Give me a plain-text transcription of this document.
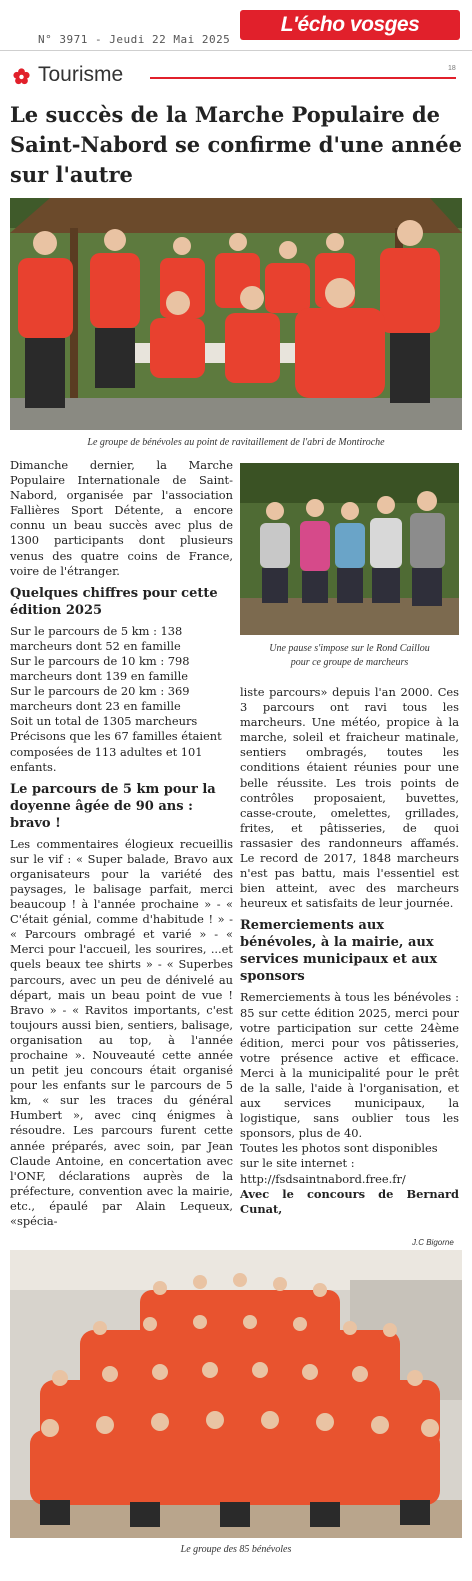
N° 3971 - Jeudi 22 Mai 2025
L'écho vosges
Tourisme	18
Le succès de la Marche Populaire de Saint-Nabord se confirme d'une année sur l'autre
Le groupe de bénévoles au point de ravitaillement de l'abri de Montiroche

Dimanche dernier, la Marche Populaire Internationale de Saint-Nabord, organisée par l'association Fallières Sport Détente, a encore connu un beau succès avec plus de 1300 participants dont plusieurs venus des quatre coins de France, voire de l'étranger.

Quelques chiffres pour cette édition 2025

Sur le parcours de 5 km : 138 marcheurs dont 52 en famille
Sur le parcours de 10 km : 798 marcheurs dont 139 en famille
Sur le parcours de 20 km : 369 marcheurs dont 23 en famille
Soit un total de 1305 marcheurs
Précisons que les 67 familles étaient composées de 113 adultes et 101 enfants.

Le parcours de 5 km pour la doyenne âgée de 90 ans : bravo !

Les commentaires élogieux recueillis sur le vif : « Super balade, Bravo aux organisateurs pour la variété des paysages, le balisage parfait, merci beaucoup ! à l'année prochaine » - « C'était génial, comme d'habitude ! » - « Parcours ombragé et varié » - « Merci pour l'accueil, les sourires, ...et quels beaux tee shirts » - « Superbes parcours, avec un peu de dénivelé au départ, mais un beau point de vue ! Bravo » - « Ravitos importants, c'est toujours aussi bien, sentiers, balisage, organisation au top, à l'année prochaine ». Nouveauté cette année un petit jeu concours était organisé pour les enfants sur le parcours de 5 km, « sur les traces du général Humbert », avec cinq énigmes à résoudre. Les parcours furent cette année préparés, avec soin, par Jean Claude Antoine, en concertation avec l'ONF, déclarations auprès de la préfecture, convention avec la mairie, etc., épaulé par Alain Lequeux, «spécia-

Une pause s'impose sur le Rond Caillou
pour ce groupe de marcheurs

liste parcours» depuis l'an 2000. Ces 3 parcours ont ravi tous les marcheurs. Une météo, propice à la marche, soleil et fraicheur matinale, sentiers ombragés, toutes les conditions étaient réunies pour une belle réussite. Les trois points de contrôles proposaient, buvettes, casse-croute, omelettes, grillades, frites, et pâtisseries, de quoi rassasier des randonneurs affamés. Le record de 2017, 1848 marcheurs n'est pas battu, mais l'essentiel est bien atteint, avec des marcheurs heureux et satisfaits de leur journée.

Remerciements aux bénévoles, à la mairie, aux services municipaux et aux sponsors

Remerciements à tous les bénévoles : 85 sur cette édition 2025, merci pour votre participation sur cette 24ème édition, merci pour vos pâtisseries, votre présence active et efficace. Merci à la municipalité pour le prêt de la salle, l'aide à l'organisation, et aux services municipaux, la logistique, sans oublier tous les sponsors, plus de 40.

Toutes les photos sont disponibles sur le site internet : http://fsdsaintnabord.free.fr/

Avec le concours de Bernard Cunat,

J.C Bigorne
Le groupe des 85 bénévoles
